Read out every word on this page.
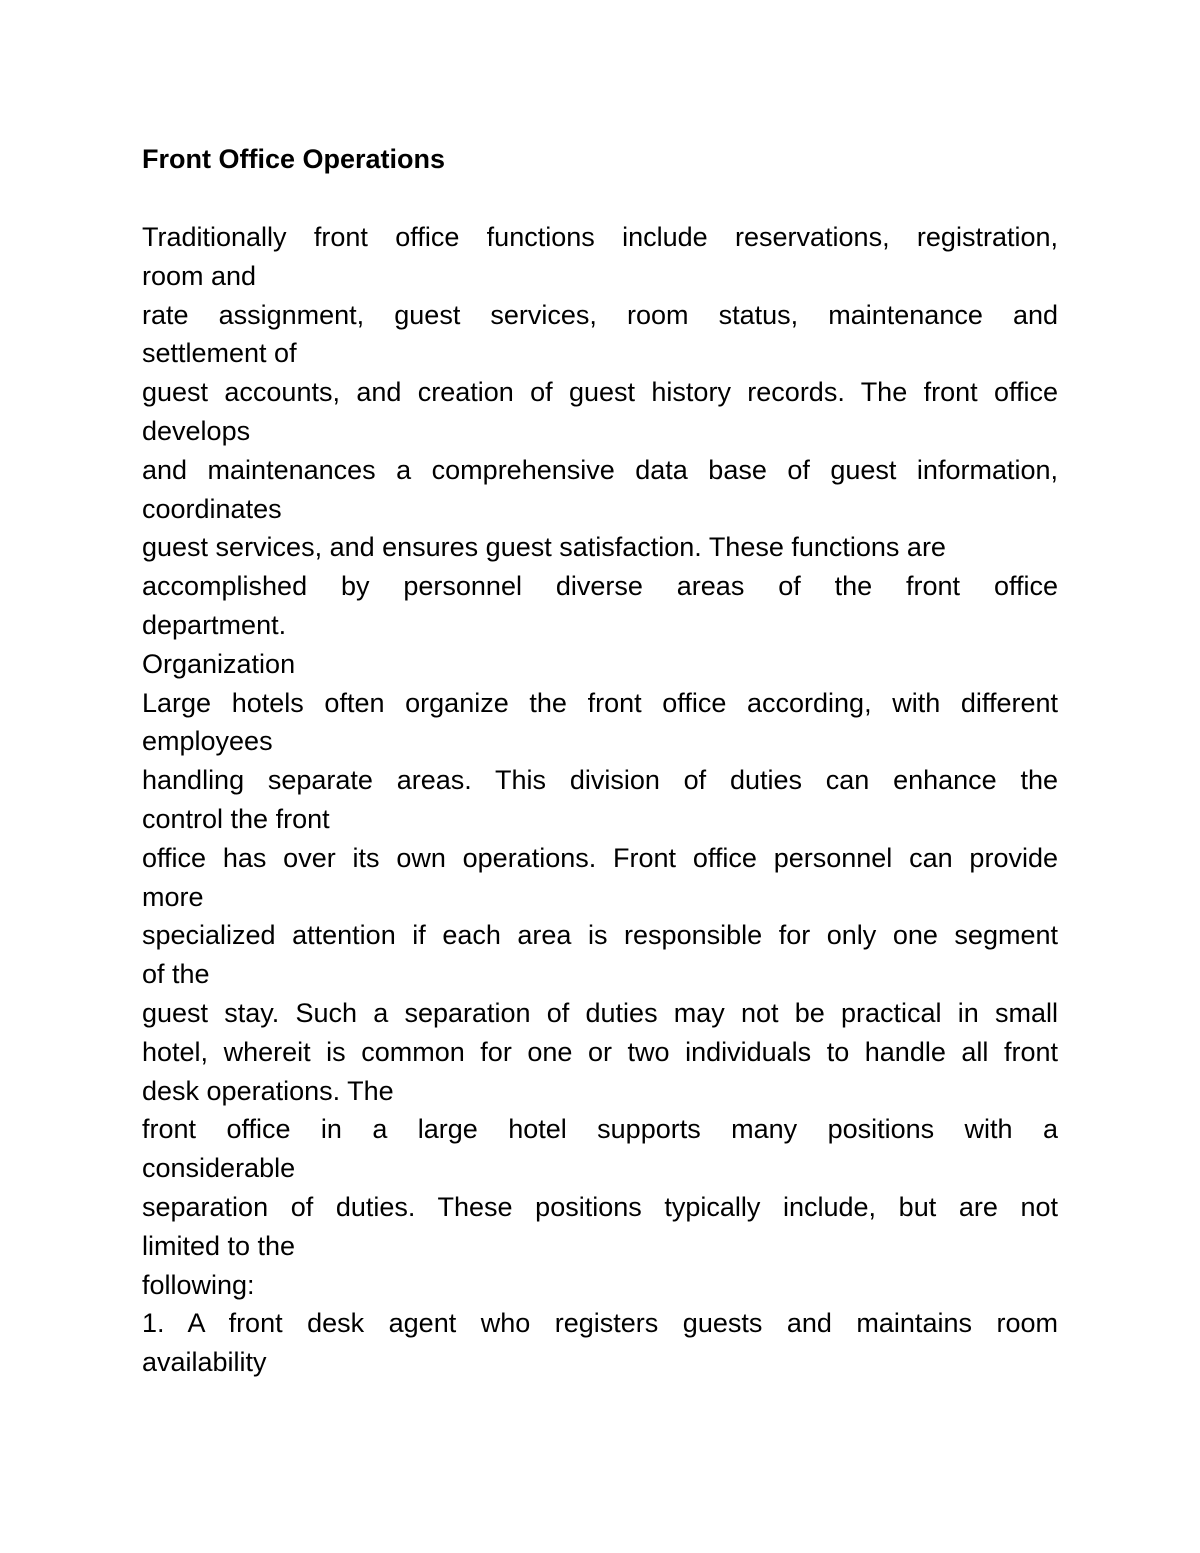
Front Office Operations
Traditionally front office functions include reservations, registration,
room and
rate assignment, guest services, room status, maintenance and
settlement of
guest accounts, and creation of guest history records. The front office
develops
and maintenances a comprehensive data base of guest information,
coordinates
guest services, and ensures guest satisfaction. These functions are
accomplished by personnel diverse areas of the front office
department.
Organization
Large hotels often organize the front office according, with different
employees
handling separate areas. This division of duties can enhance the
control the front
office has over its own operations. Front office personnel can provide
more
specialized attention if each area is responsible for only one segment
of the
guest stay. Such a separation of duties may not be practical in small
hotel, whereit is common for one or two individuals to handle all front
desk operations. The
front office in a large hotel supports many positions with a
considerable
separation of duties. These positions typically include, but are not
limited to the
following:
1. A front desk agent who registers guests and maintains room
availability
